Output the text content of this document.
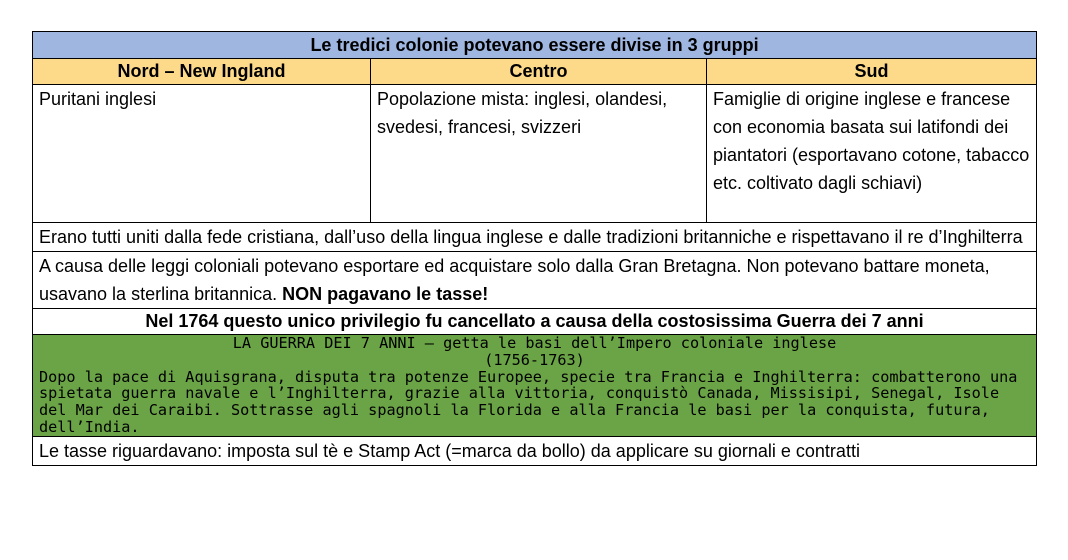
Le tredici colonie potevano essere divise in 3 gruppi		
Nord – New Ingland	Centro	Sud
Puritani inglesi	Popolazione mista: inglesi, olandesi, svedesi, francesi, svizzeri	Famiglie di origine inglese e francese con economia basata sui latifondi dei piantatori (esportavano cotone, tabacco etc. coltivato dagli schiavi)
Erano tutti uniti dalla fede cristiana, dall’uso della lingua inglese e dalle tradizioni britanniche e rispettavano il re d’Inghilterra		
A causa delle leggi coloniali potevano esportare ed acquistare solo dalla Gran Bretagna. Non potevano battare moneta, usavano la sterlina britannica. NON pagavano le tasse!		
Nel 1764 questo unico privilegio fu cancellato a causa della costosissima Guerra dei 7 anni		

LA GUERRA DEI 7 ANNI – getta le basi dell’Impero coloniale inglese
(1756-1763)
Dopo la pace di Aquisgrana, disputa tra potenze Europee, specie tra Francia e Inghilterra: combatterono una spietata guerra navale e l’Inghilterra, grazie alla vittoria, conquistò Canada, Missisipi, Senegal, Isole del Mar dei Caraibi. Sottrasse agli spagnoli la Florida e alla Francia le basi per la conquista, futura, dell’India.		

Le tasse riguardavano: imposta sul tè e Stamp Act (=marca da bollo) da applicare su giornali e contratti		
